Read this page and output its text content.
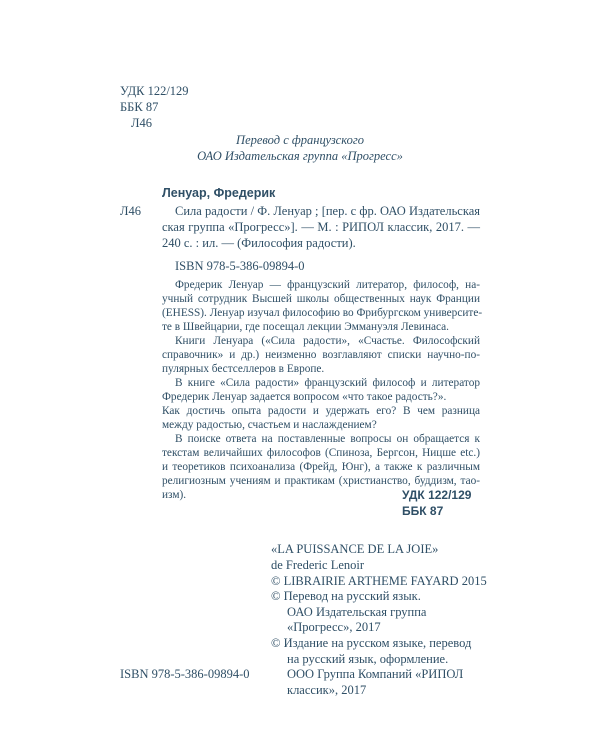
УДК 122/129
ББК 87
Л46
Перевод с французского
ОАО Издательская группа «Прогресс»
Ленуар, Фредерик
Л46	Сила радости / Ф. Ленуар ; [пер. с фр. ОАО Издательская
ская группа «Прогресс»]. — М. : РИПОЛ классик, 2017. —
240 с. : ил. — (Философия радости).
ISBN 978-5-386-09894-0
Фредерик Ленуар — французский литератор, философ, на-
учный сотрудник Высшей школы общественных наук Франции
(EHESS). Ленуар изучал философию во Фрибургском университе-
те в Швейцарии, где посещал лекции Эммануэля Левинаса.
Книги Ленуара («Сила радости», «Счастье. Философский
справочник» и др.) неизменно возглавляют списки научно-по-
пулярных бестселлеров в Европе.
В книге «Сила радости» французский философ и литератор
Фредерик Ленуар задается вопросом «что такое радость?».
Как достичь опыта радости и удержать его? В чем разница
между радостью, счастьем и наслаждением?
В поиске ответа на поставленные вопросы он обращается к
текстам величайших философов (Спиноза, Бергсон, Ницше etc.)
и теоретиков психоанализа (Фрейд, Юнг), а также к различным
религиозным учениям и практикам (христианство, буддизм, тао-
изм).	УДК 122/129
ББК 87
«LA PUISSANCE DE LA JOIE»
de Frederic Lenoir
© LIBRAIRIE ARTHEME FAYARD 2015
© Перевод на русский язык.
ОАО Издательская группа
«Прогресс», 2017
© Издание на русском языке, перевод
на русский язык, оформление.
ООО Группа Компаний «РИПОЛ
классик», 2017
ISBN 978-5-386-09894-0
